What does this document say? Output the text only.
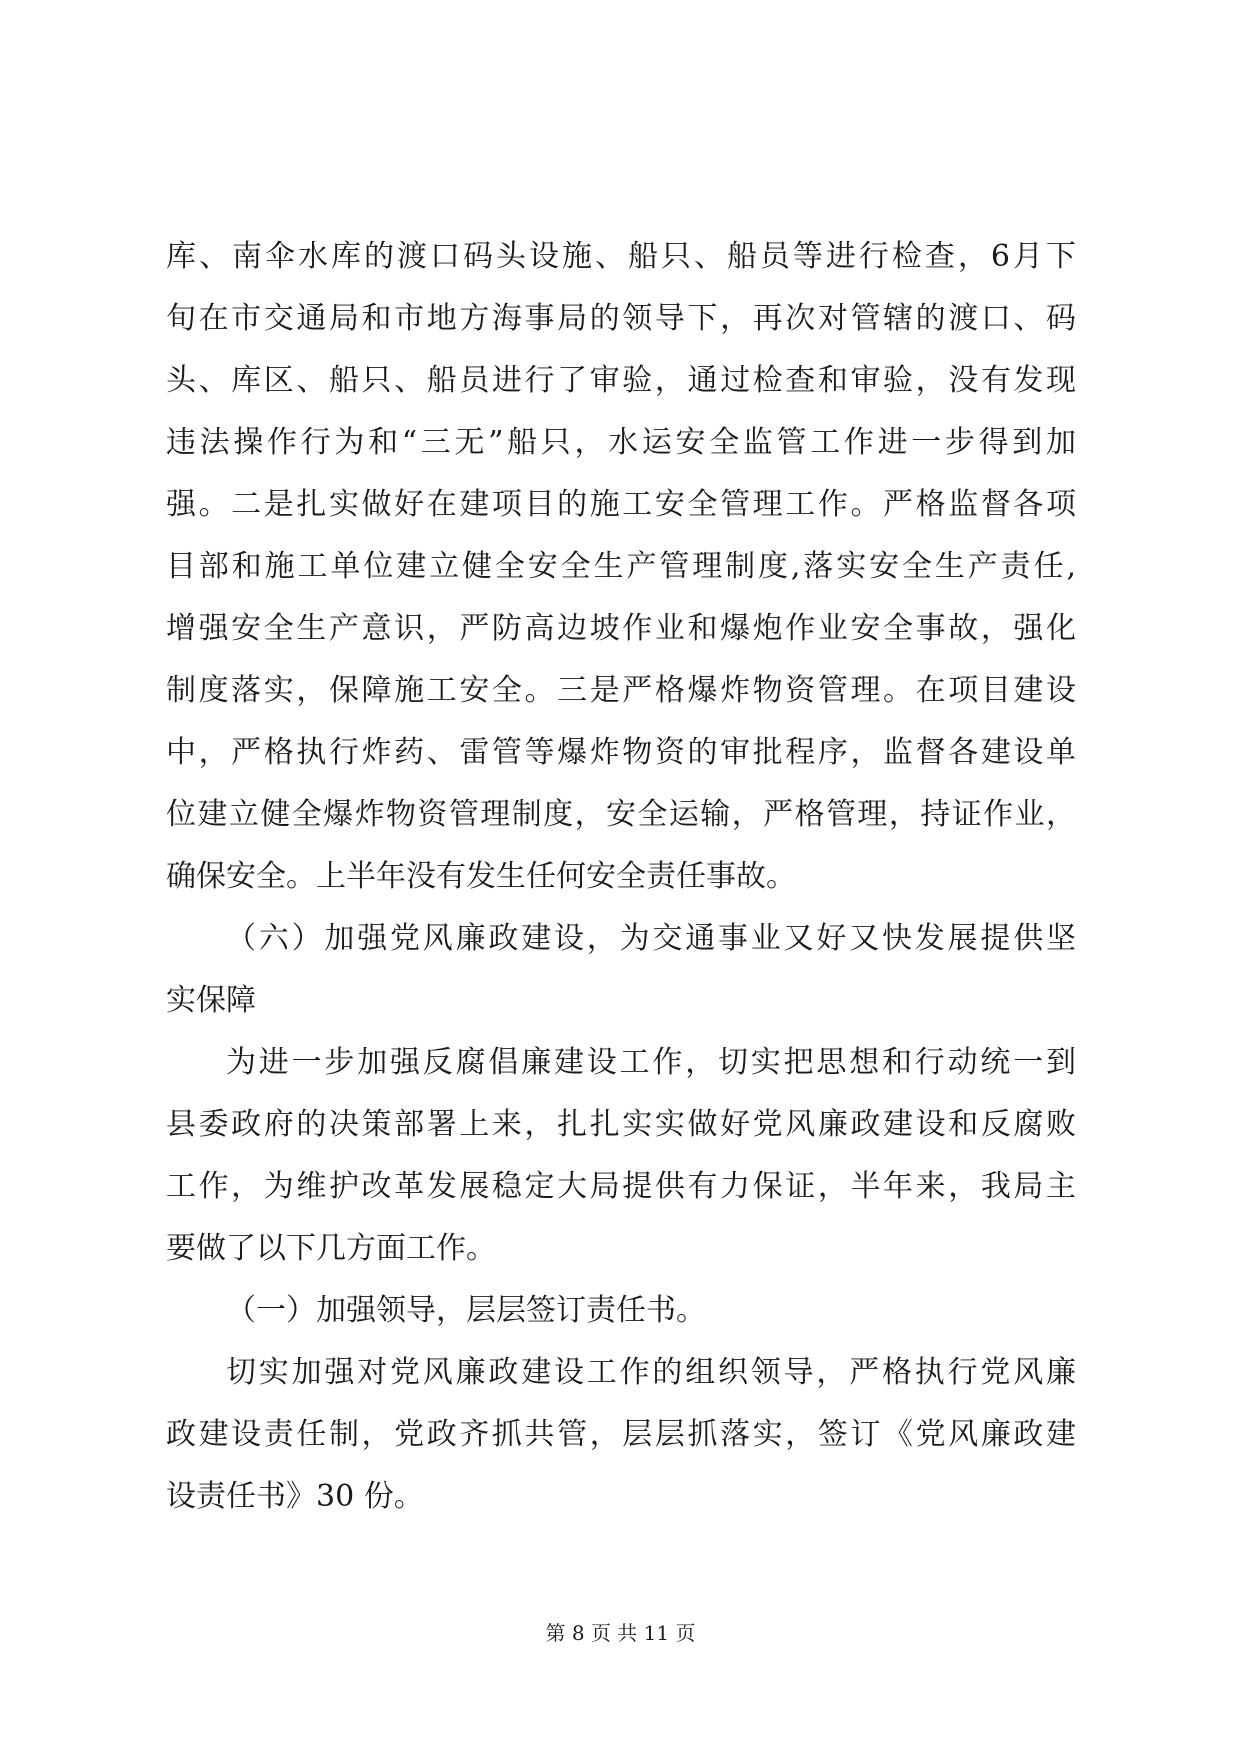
库、南伞水库的渡口码头设施、船只、船员等进行检查，6月下
旬在市交通局和市地方海事局的领导下，再次对管辖的渡口、码
头、库区、船只、船员进行了审验，通过检查和审验，没有发现
违法操作行为和“三无”船只，水运安全监管工作进一步得到加
强。二是扎实做好在建项目的施工安全管理工作。严格监督各项
目部和施工单位建立健全安全生产管理制度,落实安全生产责任,
增强安全生产意识，严防高边坡作业和爆炮作业安全事故，强化
制度落实，保障施工安全。三是严格爆炸物资管理。在项目建设
中，严格执行炸药、雷管等爆炸物资的审批程序，监督各建设单
位建立健全爆炸物资管理制度，安全运输，严格管理，持证作业，
确保安全。上半年没有发生任何安全责任事故。
（六）加强党风廉政建设，为交通事业又好又快发展提供坚
实保障
为进一步加强反腐倡廉建设工作，切实把思想和行动统一到
县委政府的决策部署上来，扎扎实实做好党风廉政建设和反腐败
工作，为维护改革发展稳定大局提供有力保证，半年来，我局主
要做了以下几方面工作。
（一）加强领导，层层签订责任书。
切实加强对党风廉政建设工作的组织领导，严格执行党风廉
政建设责任制，党政齐抓共管，层层抓落实，签订《党风廉政建
设责任书》30 份。
第 8 页 共 11 页
